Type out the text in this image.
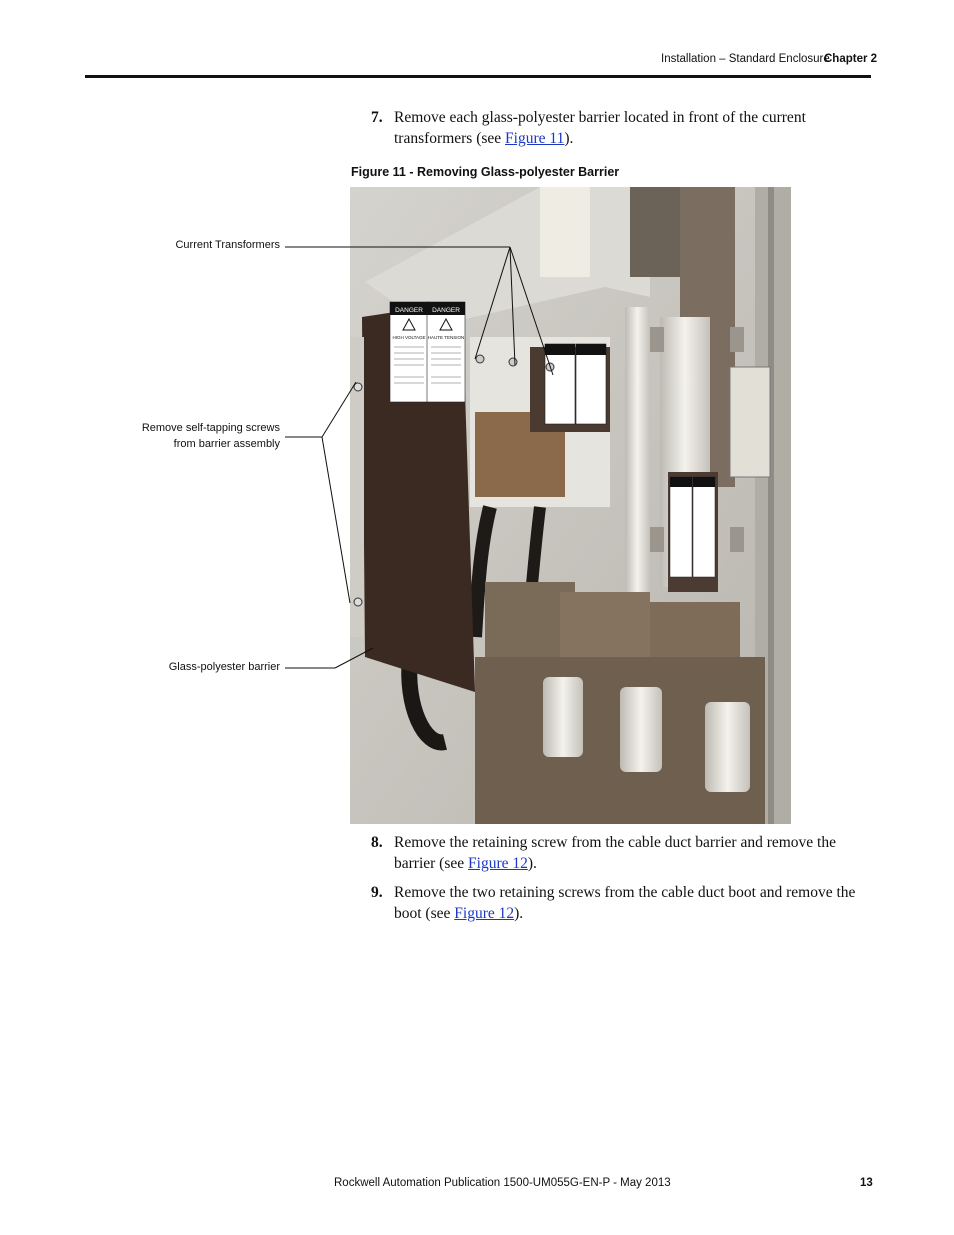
Installation – Standard Enclosure
Chapter 2
7. Remove each glass-polyester barrier located in front of the current transformers (see Figure 11).
Figure 11 - Removing Glass-polyester Barrier
DANGER DANGER
HIGH VOLTAGE HAUTE TENSION
Current Transformers
Remove self-tapping screws
from barrier assembly
Glass-polyester barrier
8. Remove the retaining screw from the cable duct barrier and remove the barrier (see Figure 12).
9. Remove the two retaining screws from the cable duct boot and remove the boot (see Figure 12).
Rockwell Automation Publication 1500-UM055G-EN-P - May 2013	13
